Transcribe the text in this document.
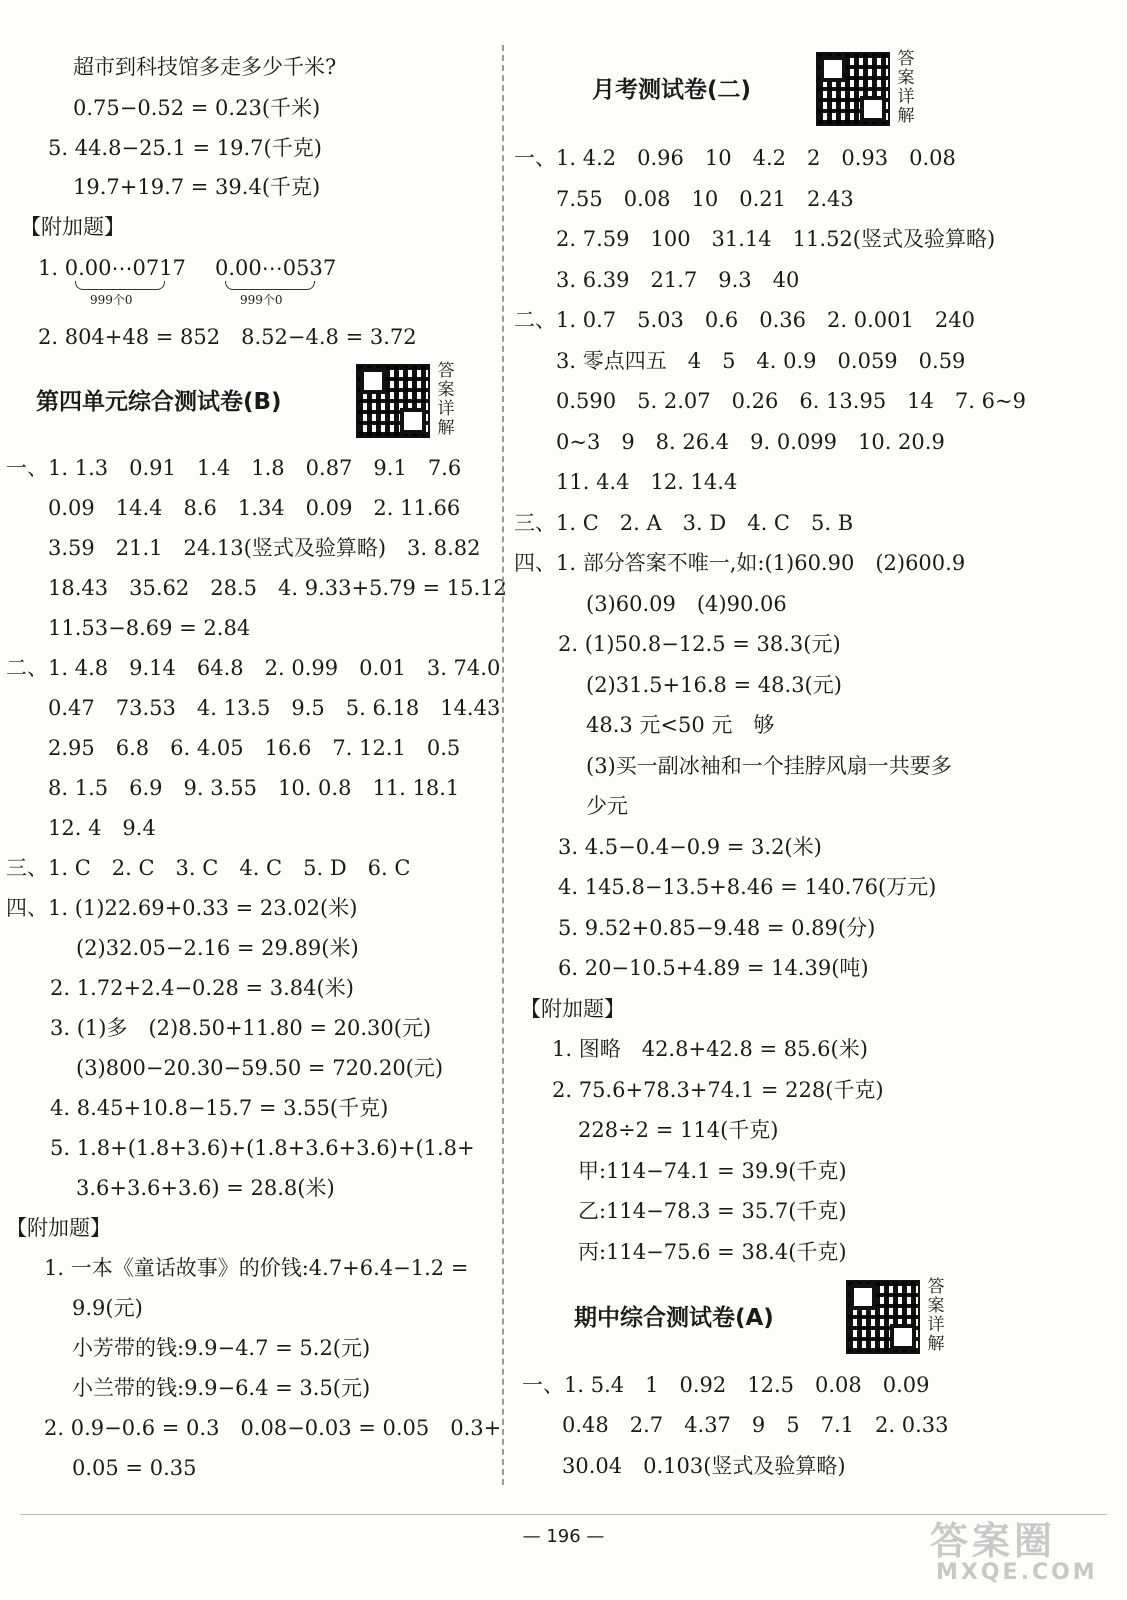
超市到科技馆多走多少千米?
0.75−0.52 = 0.23(千米)
5. 44.8−25.1 = 19.7(千克)
19.7+19.7 = 39.4(千克)
【附加题】
1. 0.00⋯0717 0.00⋯0537
999个0	999个0
2. 804+48 = 852　8.52−4.8 = 3.72
第四单元综合测试卷(B)
答案详解
一、1. 1.3　0.91　1.4　1.8　0.87　9.1　7.6
0.09　14.4　8.6　1.34　0.09　2. 11.66
3.59　21.1　24.13(竖式及验算略)　3. 8.82
18.43　35.62　28.5　4. 9.33+5.79 = 15.12
11.53−8.69 = 2.84
二、1. 4.8　9.14　64.8　2. 0.99　0.01　3. 74.0
0.47　73.53　4. 13.5　9.5　5. 6.18　14.43
2.95　6.8　6. 4.05　16.6　7. 12.1　0.5
8. 1.5　6.9　9. 3.55　10. 0.8　11. 18.1
12. 4　9.4
三、1. C　2. C　3. C　4. C　5. D　6. C
四、1. (1)22.69+0.33 = 23.02(米)
(2)32.05−2.16 = 29.89(米)
2. 1.72+2.4−0.28 = 3.84(米)
3. (1)多　(2)8.50+11.80 = 20.30(元)
(3)800−20.30−59.50 = 720.20(元)
4. 8.45+10.8−15.7 = 3.55(千克)
5. 1.8+(1.8+3.6)+(1.8+3.6+3.6)+(1.8+
3.6+3.6+3.6) = 28.8(米)
【附加题】
1. 一本《童话故事》的价钱:4.7+6.4−1.2 =
9.9(元)
小芳带的钱:9.9−4.7 = 5.2(元)
小兰带的钱:9.9−6.4 = 3.5(元)
2. 0.9−0.6 = 0.3　0.08−0.03 = 0.05　0.3+
0.05 = 0.35
月考测试卷(二)
答案详解
一、1. 4.2　0.96　10　4.2　2　0.93　0.08
7.55　0.08　10　0.21　2.43
2. 7.59　100　31.14　11.52(竖式及验算略)
3. 6.39　21.7　9.3　40
二、1. 0.7　5.03　0.6　0.36　2. 0.001　240
3. 零点四五　4　5　4. 0.9　0.059　0.59
0.590　5. 2.07　0.26　6. 13.95　14　7. 6~9
0~3　9　8. 26.4　9. 0.099　10. 20.9
11. 4.4　12. 14.4
三、1. C　2. A　3. D　4. C　5. B
四、1. 部分答案不唯一,如:(1)60.90　(2)600.9
(3)60.09　(4)90.06
2. (1)50.8−12.5 = 38.3(元)
(2)31.5+16.8 = 48.3(元)
48.3 元<50 元　够
(3)买一副冰袖和一个挂脖风扇一共要多
少元
3. 4.5−0.4−0.9 = 3.2(米)
4. 145.8−13.5+8.46 = 140.76(万元)
5. 9.52+0.85−9.48 = 0.89(分)
6. 20−10.5+4.89 = 14.39(吨)
【附加题】
1. 图略　42.8+42.8 = 85.6(米)
2. 75.6+78.3+74.1 = 228(千克)
228÷2 = 114(千克)
甲:114−74.1 = 39.9(千克)
乙:114−78.3 = 35.7(千克)
丙:114−75.6 = 38.4(千克)
期中综合测试卷(A)
答案详解
一、1. 5.4　1　0.92　12.5　0.08　0.09
0.48　2.7　4.37　9　5　7.1　2. 0.33
30.04　0.103(竖式及验算略)
— 196 —	答案圈
MXQE.COM
